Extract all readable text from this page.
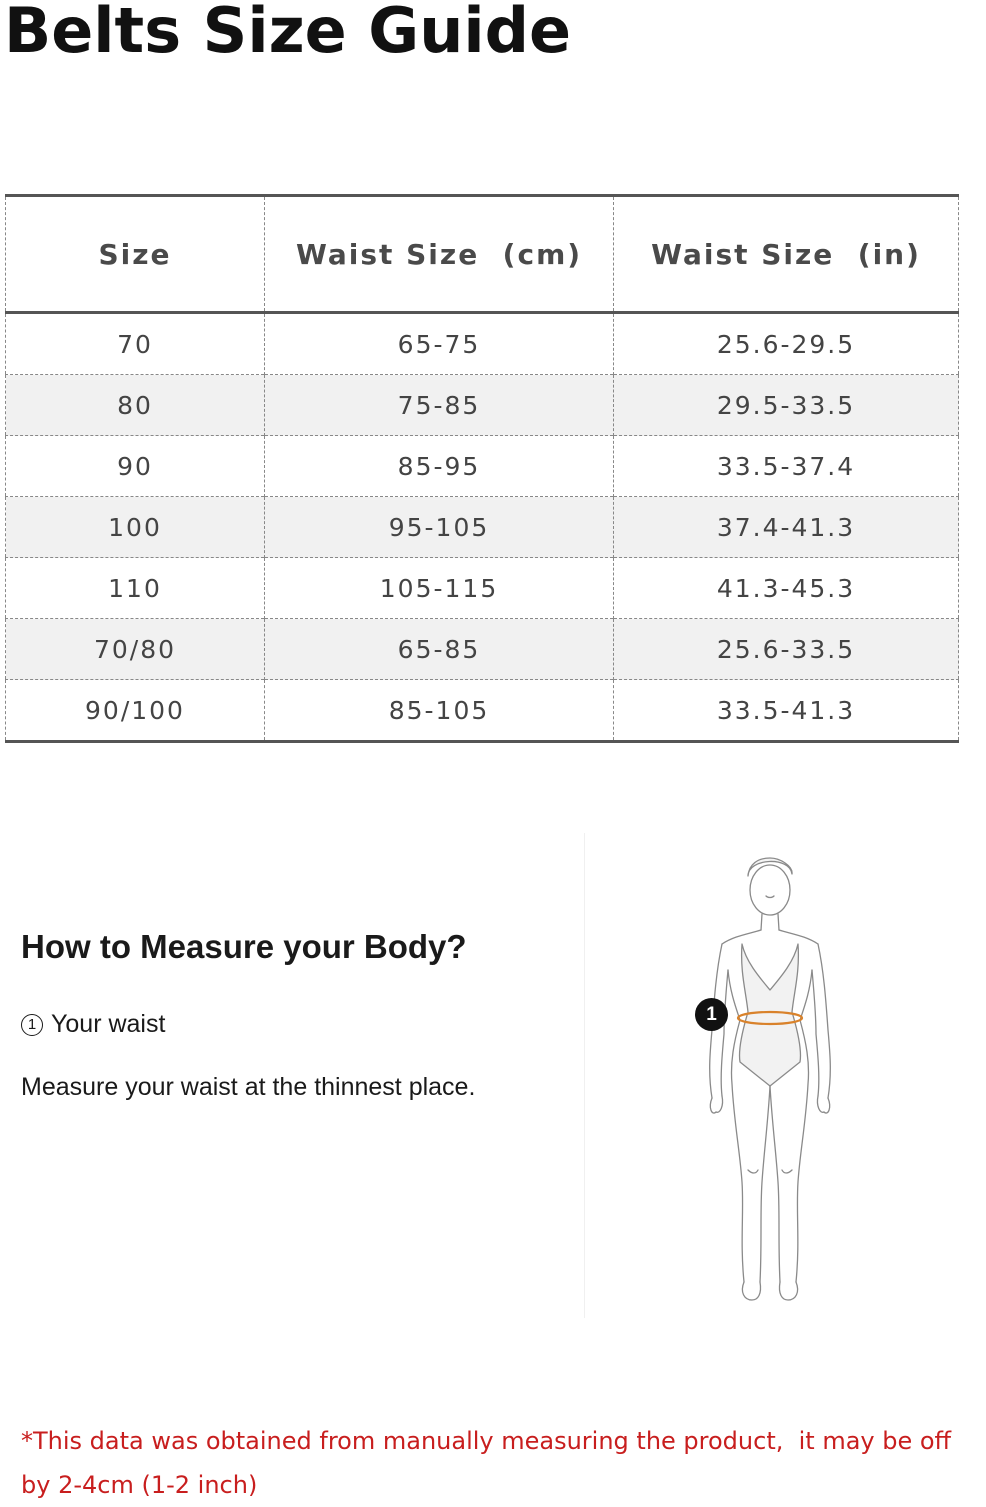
Belts Size Guide
Size	Waist Size  (cm)	Waist Size  (in)
70	65-75	25.6-29.5
80	75-85	29.5-33.5
90	85-95	33.5-37.4
100	95-105	37.4-41.3
110	105-115	41.3-45.3
70/80	65-85	25.6-33.5
90/100	85-105	33.5-41.3
How to Measure your Body?
1 Your waist
Measure your waist at the thinnest place.
1

*This data was obtained from manually measuring the product,  it may be off by 2-4cm (1-2 inch)
